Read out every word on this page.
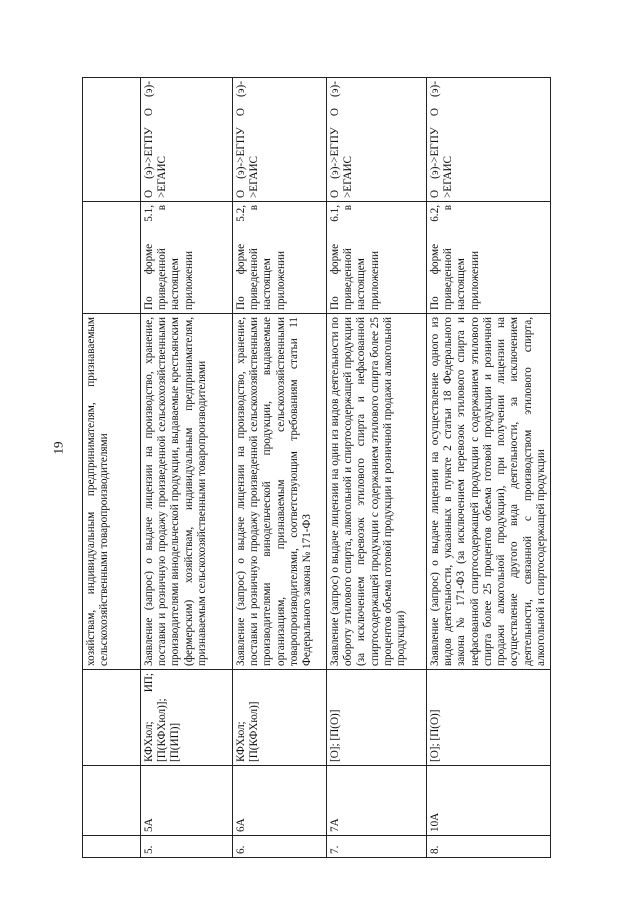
19
			хозяйствам, индивидуальным предпринимателям, признаваемым сельскохозяйственными товаропроизводителями		
5.	5А	КФХюл; ИП; [П(КФХюл)]; [П(ИП)]	Заявление (запрос) о выдаче лицензии на производство, хранение, поставки и розничную продажу произведенной сельскохозяйственными производителями винодельческой продукции, выдаваемые крестьянским (фермерским) хозяйствам, индивидуальным предпринимателям, признаваемым сельскохозяйственными товаропроизводителями	По форме 5.1, приведенной в настоящем приложении	О (э)->ЕГПУ О (э)->ЕГАИС
6.	6А	КФХюл; [П(КФХюл)]	Заявление (запрос) о выдаче лицензии на производство, хранение, поставки и розничную продажу произведенной сельскохозяйственными производителями винодельческой продукции, выдаваемые организациям, признаваемым сельскохозяйственными товаропроизводителями, соответствующим требованиям статьи 11 Федерального закона № 171-ФЗ	По форме 5.2, приведенной в настоящем приложении	О (э)->ЕГПУ О (э)->ЕГАИС
7.	7А	[О]; [П(О)]	Заявление (запрос) о выдаче лицензии на один из видов деятельности по обороту этилового спирта, алкогольной и спиртосодержащей продукции (за исключением перевозок этилового спирта и нефасованной спиртосодержащей продукции с содержанием этилового спирта более 25 процентов объема готовой продукции и розничной продажи алкогольной продукции)	По форме 6.1, приведенной в настоящем приложении	О (э)->ЕГПУ О (э)->ЕГАИС
8.	10А	[О]; [П(О)]	Заявление (запрос) о выдаче лицензии на осуществление одного из видов деятельности, указанных в пункте 2 статьи 18 Федерального закона № 171-ФЗ (за исключением перевозок этилового спирта и нефасованной спиртосодержащей продукции с содержанием этилового спирта более 25 процентов объема готовой продукции и розничной продажи алкогольной продукции), при получении лицензии на осуществление другого вида деятельности, за исключением деятельности, связанной с производством этилового спирта, алкогольной и спиртосодержащей продукции	По форме 6.2, приведенной в настоящем приложении	О (э)->ЕГПУ О (э)->ЕГАИС
